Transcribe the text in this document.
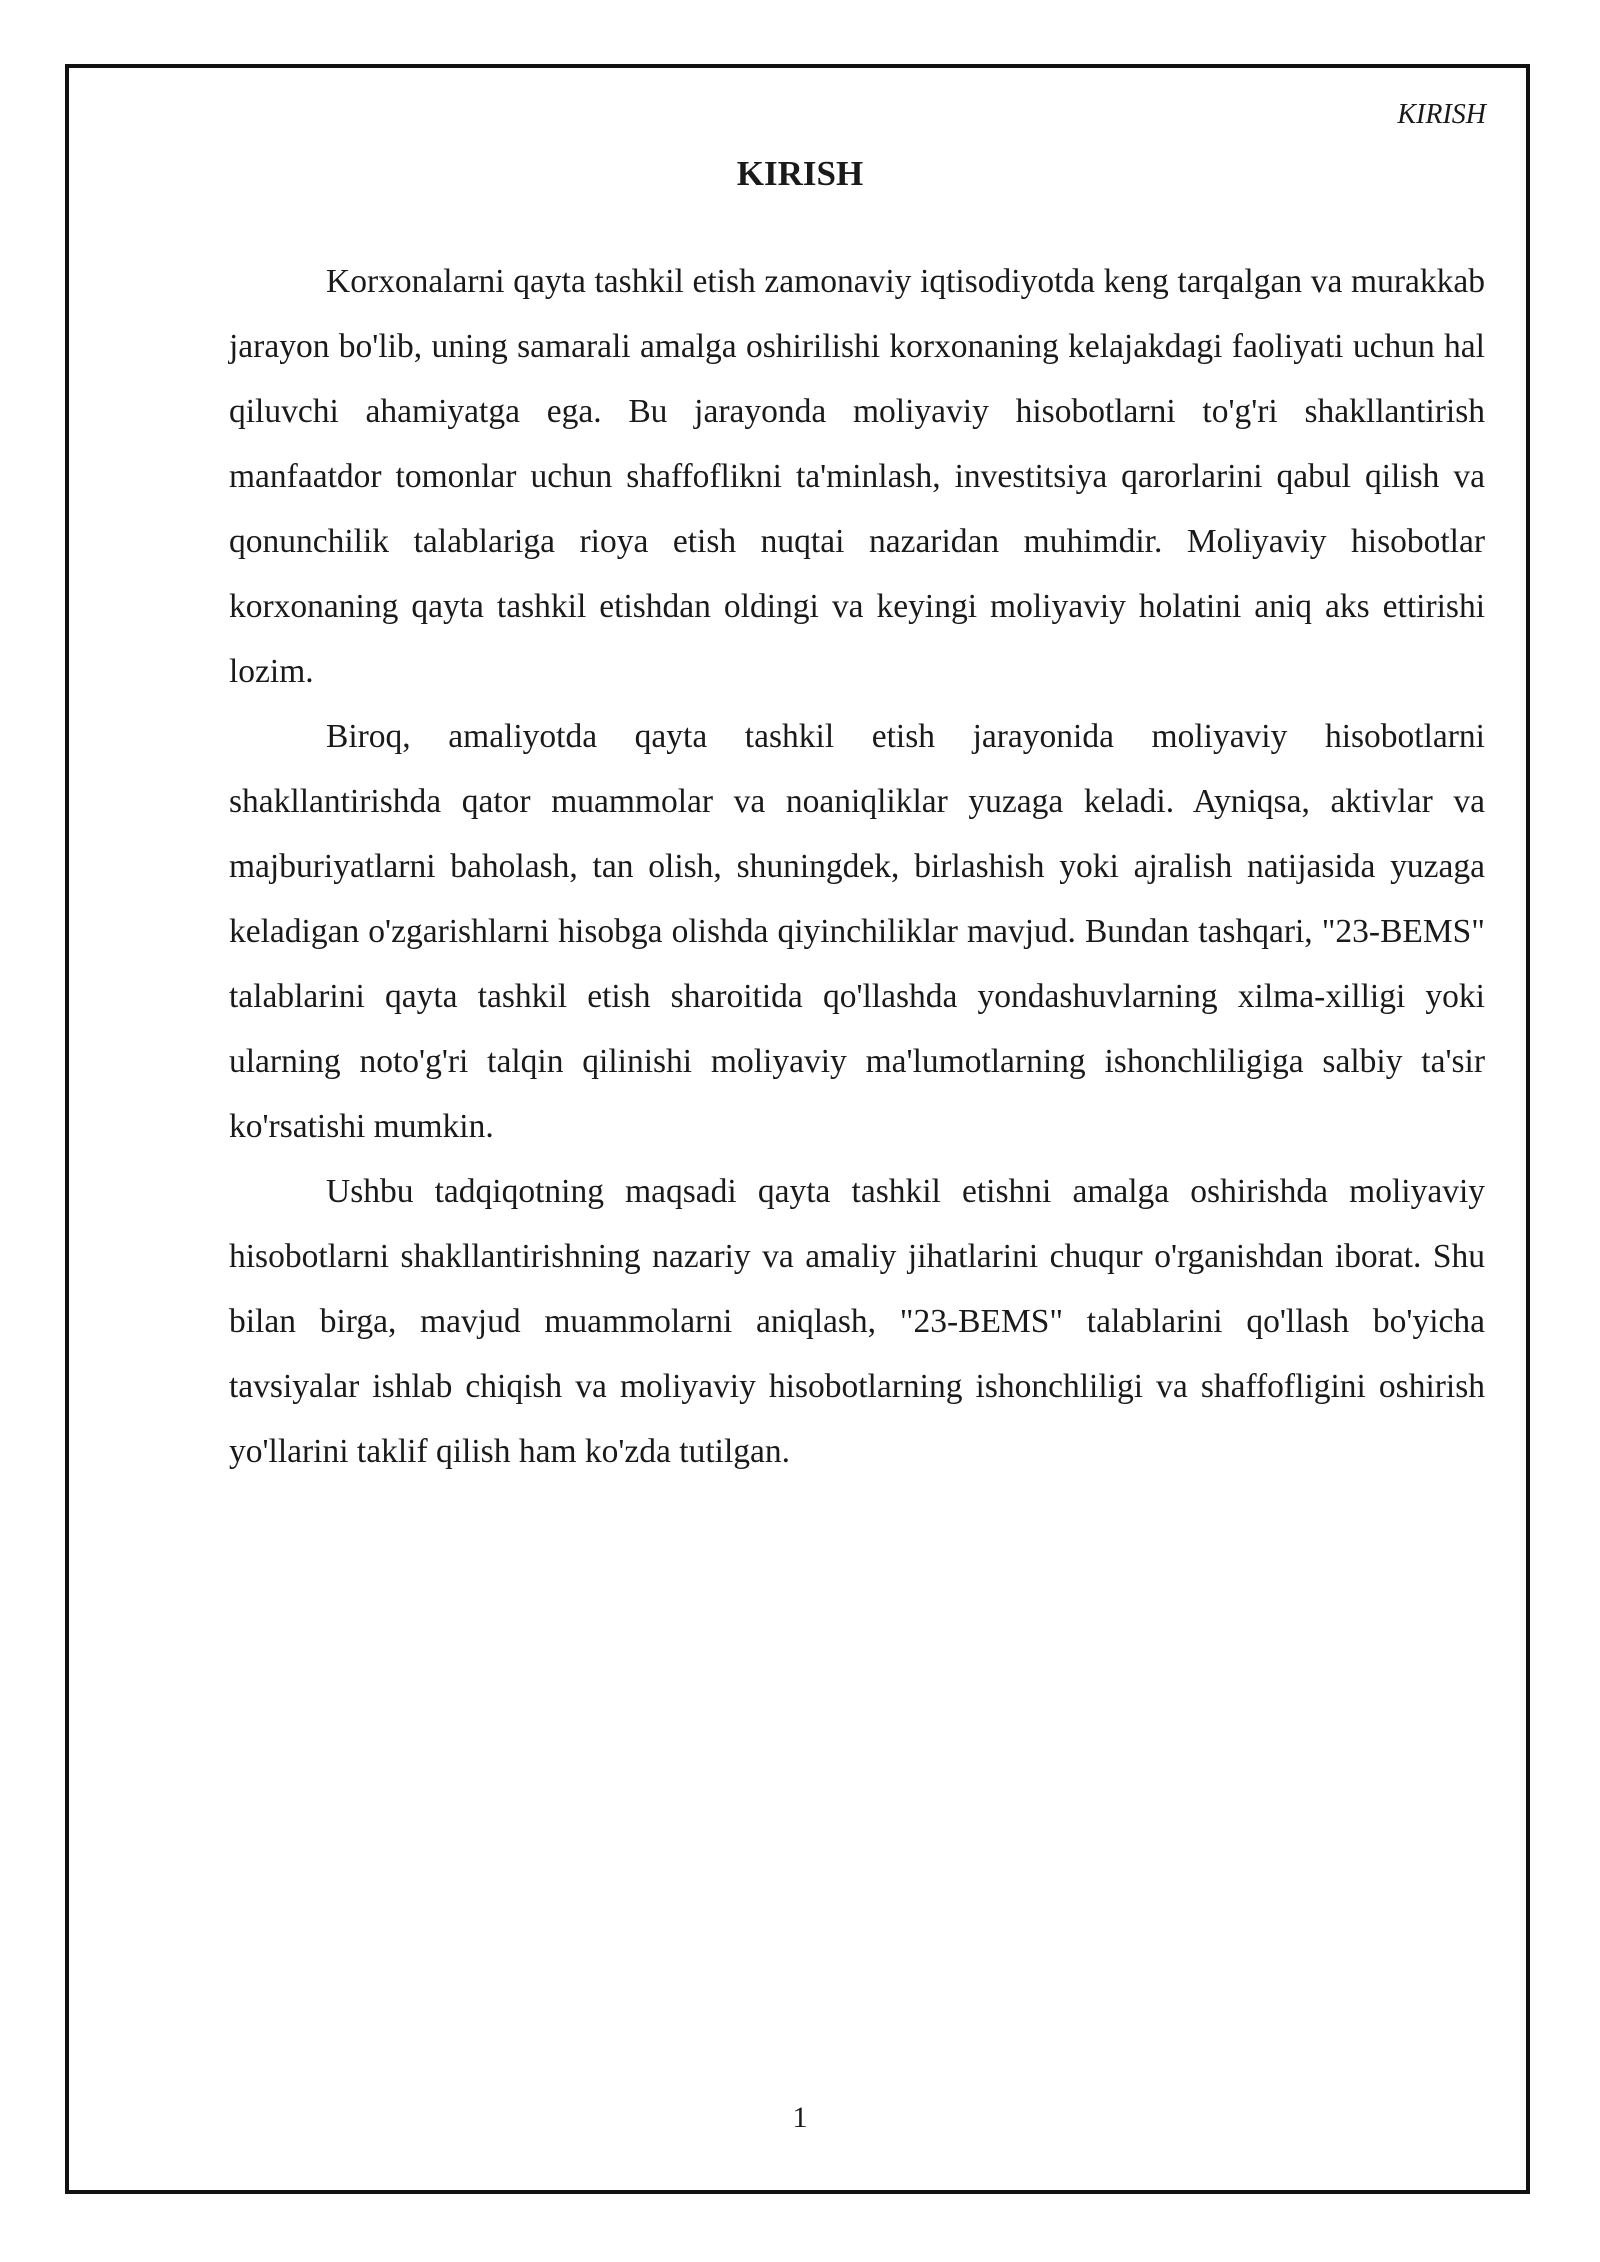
KIRISH
KIRISH

Korxonalarni qayta tashkil etish zamonaviy iqtisodiyotda keng tarqalgan va murakkab jarayon bo'lib, uning samarali amalga oshirilishi korxonaning kelajakdagi faoliyati uchun hal qiluvchi ahamiyatga ega. Bu jarayonda moliyaviy hisobotlarni to'g'ri shakllantirish manfaatdor tomonlar uchun shaffoflikni ta'minlash, investitsiya qarorlarini qabul qilish va qonunchilik talablariga rioya etish nuqtai nazaridan muhimdir. Moliyaviy hisobotlar korxonaning qayta tashkil etishdan oldingi va keyingi moliyaviy holatini aniq aks ettirishi lozim.

Biroq, amaliyotda qayta tashkil etish jarayonida moliyaviy hisobotlarni shakllantirishda qator muammolar va noaniqliklar yuzaga keladi. Ayniqsa, aktivlar va majburiyatlarni baholash, tan olish, shuningdek, birlashish yoki ajralish natijasida yuzaga keladigan o'zgarishlarni hisobga olishda qiyinchiliklar mavjud. Bundan tashqari, "23-BEMS" talablarini qayta tashkil etish sharoitida qo'llashda yondashuvlarning xilma-xilligi yoki ularning noto'g'ri talqin qilinishi moliyaviy ma'lumotlarning ishonchliligiga salbiy ta'sir ko'rsatishi mumkin.

Ushbu tadqiqotning maqsadi qayta tashkil etishni amalga oshirishda moliyaviy hisobotlarni shakllantirishning nazariy va amaliy jihatlarini chuqur o'rganishdan iborat. Shu bilan birga, mavjud muammolarni aniqlash, "23-BEMS" talablarini qo'llash bo'yicha tavsiyalar ishlab chiqish va moliyaviy hisobotlarning ishonchliligi va shaffofligini oshirish yo'llarini taklif qilish ham ko'zda tutilgan.

1
